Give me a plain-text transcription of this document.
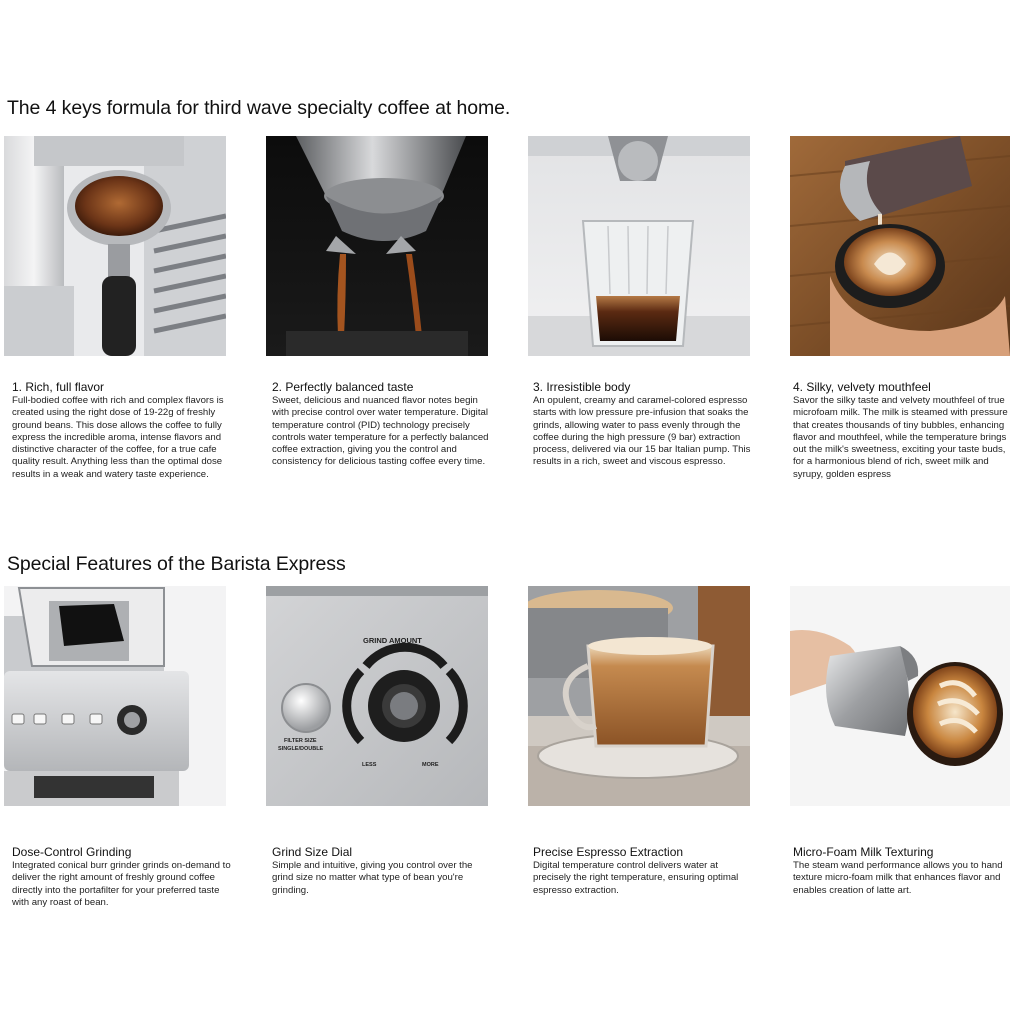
The 4 keys formula for third wave specialty coffee at home.
1. Rich, full flavor
Full-bodied coffee with rich and complex flavors is created using the right dose of 19-22g of freshly ground beans. This dose allows the coffee to fully express the incredible aroma, intense flavors and distinctive character of the coffee, for a true cafe quality result. Anything less than the optimal dose results in a weak and watery taste experience.
2. Perfectly balanced taste
Sweet, delicious and nuanced flavor notes begin with precise control over water temperature. Digital temperature control (PID) technology precisely controls water temperature for a perfectly balanced coffee extraction, giving you the control and consistency for delicious tasting coffee every time.
3. Irresistible body
An opulent, creamy and caramel-colored espresso starts with low pressure pre-infusion that soaks the grinds, allowing water to pass evenly through the coffee during the high pressure (9 bar) extraction process, delivered via our 15 bar Italian pump. This results in a rich, sweet and viscous espresso.
4. Silky, velvety mouthfeel
Savor the silky taste and velvety mouthfeel of true microfoam milk. The milk is steamed with pressure that creates thousands of tiny bubbles, enhancing flavor and mouthfeel, while the temperature brings out the milk's sweetness, exciting your taste buds, for a harmonious blend of rich, sweet milk and syrupy, golden espress
Special Features of the Barista Express
GRIND AMOUNT
FILTER SIZE
SINGLE/DOUBLE
LESS	MORE
Dose-Control Grinding
Integrated conical burr grinder grinds on-demand to deliver the right amount of freshly ground coffee directly into the portafilter for your preferred taste with any roast of bean.
Grind Size Dial
Simple and intuitive, giving you control over the grind size no matter what type of bean you're grinding.
Precise Espresso Extraction
Digital temperature control delivers water at precisely the right temperature, ensuring optimal espresso extraction.
Micro-Foam Milk Texturing
The steam wand performance allows you to hand texture micro-foam milk that enhances flavor and enables creation of latte art.
